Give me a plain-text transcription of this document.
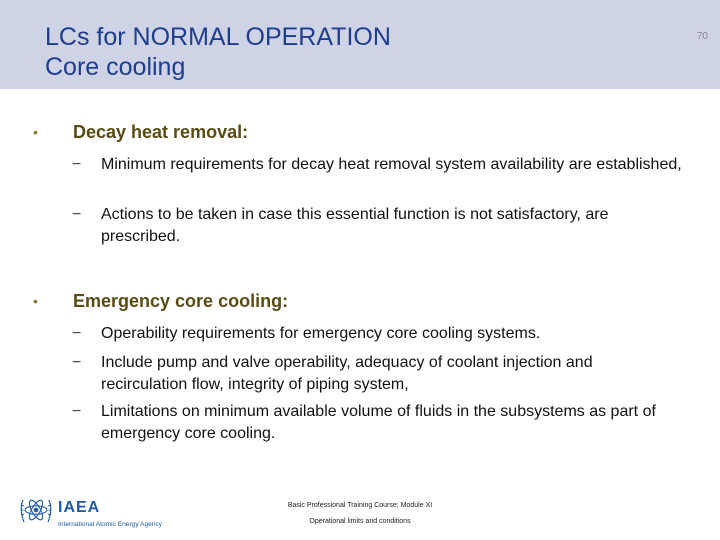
LCs for NORMAL OPERATION
Core cooling
70
• Decay heat removal:
− Minimum requirements for decay heat removal system availability are established,
− Actions to be taken in case this essential function is not satisfactory, are prescribed.
• Emergency core cooling:
− Operability requirements for emergency core cooling systems.
− Include pump and valve operability, adequacy of coolant injection and recirculation flow, integrity of piping system,
− Limitations on minimum available volume of fluids in the subsystems as part of emergency core cooling.
IAEA
International Atomic Energy Agency
Basic Professional Training Course; Module XI
Operational limits and conditions
